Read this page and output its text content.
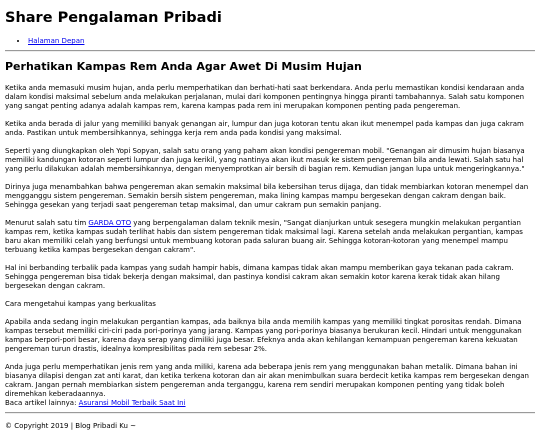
Share Pengalaman Pribadi
• Halaman Depan
Perhatikan Kampas Rem Anda Agar Awet Di Musim Hujan

Ketika anda memasuki musim hujan, anda perlu memperhatikan dan berhati-hati saat berkendara. Anda perlu memastikan kondisi kendaraan anda dalam kondisi maksimal sebelum anda melakukan perjalanan, mulai dari komponen pentingnya hingga piranti tambahannya. Salah satu komponen yang sangat penting adanya adalah kampas rem, karena kampas pada rem ini merupakan komponen penting pada pengereman.

Ketika anda berada di jalur yang memiliki banyak genangan air, lumpur dan juga kotoran tentu akan ikut menempel pada kampas dan juga cakram anda. Pastikan untuk membersihkannya, sehingga kerja rem anda pada kondisi yang maksimal.

Seperti yang diungkapkan oleh Yopi Sopyan, salah satu orang yang paham akan kondisi pengereman mobil. "Genangan air dimusim hujan biasanya memiliki kandungan kotoran seperti lumpur dan juga kerikil, yang nantinya akan ikut masuk ke sistem pengereman bila anda lewati. Salah satu hal yang perlu dilakukan adalah membersihkannya, dengan menyemprotkan air bersih di bagian rem. Kemudian jangan lupa untuk mengeringkannya."

Dirinya juga menambahkan bahwa pengereman akan semakin maksimal bila kebersihan terus dijaga, dan tidak membiarkan kotoran menempel dan mengganggu sistem pengereman. Semakin bersih sistem pengereman, maka lining kampas mampu bergesekan dengan cakram dengan baik. Sehingga gesekan yang terjadi saat pengereman tetap maksimal, dan umur cakram pun semakin panjang.

Menurut salah satu tim GARDA OTO yang berpengalaman dalam teknik mesin, "Sangat dianjurkan untuk sesegera mungkin melakukan pergantian kampas rem, ketika kampas sudah terlihat habis dan sistem pengereman tidak maksimal lagi. Karena setelah anda melakukan pergantian, kampas baru akan memiliki celah yang berfungsi untuk membuang kotoran pada saluran buang air. Sehingga kotoran-kotoran yang menempel mampu terbuang ketika kampas bergesekan dengan cakram".

Hal ini berbanding terbalik pada kampas yang sudah hampir habis, dimana kampas tidak akan mampu memberikan gaya tekanan pada cakram. Sehingga pengereman bisa tidak bekerja dengan maksimal, dan pastinya kondisi cakram akan semakin kotor karena kerak tidak akan hilang bergesekan dengan cakram.

Cara mengetahui kampas yang berkualitas

Apabila anda sedang ingin melakukan pergantian kampas, ada baiknya bila anda memilih kampas yang memiliki tingkat porositas rendah. Dimana kampas tersebut memiliki ciri-ciri pada pori-porinya yang jarang. Kampas yang pori-porinya biasanya berukuran kecil. Hindari untuk menggunakan kampas berpori-pori besar, karena daya serap yang dimiliki juga besar. Efeknya anda akan kehilangan kemampuan pengereman karena kekuatan pengereman turun drastis, idealnya kompresibilitas pada rem sebesar 2%.

Anda juga perlu memperhatikan jenis rem yang anda miliki, karena ada beberapa jenis rem yang menggunakan bahan metalik. Dimana bahan ini biasanya dilapisi dengan zat anti karat, dan ketika terkena kotoran dan air akan menimbulkan suara berdecit ketika kampas rem bergesekan dengan cakram. Jangan pernah membiarkan sistem pengereman anda terganggu, karena rem sendiri merupakan komponen penting yang tidak boleh diremehkan keberadaannya.
Baca artikel lainnya: Asuransi Mobil Terbaik Saat Ini

© Copyright 2019 | Blog Pribadi Ku ~
